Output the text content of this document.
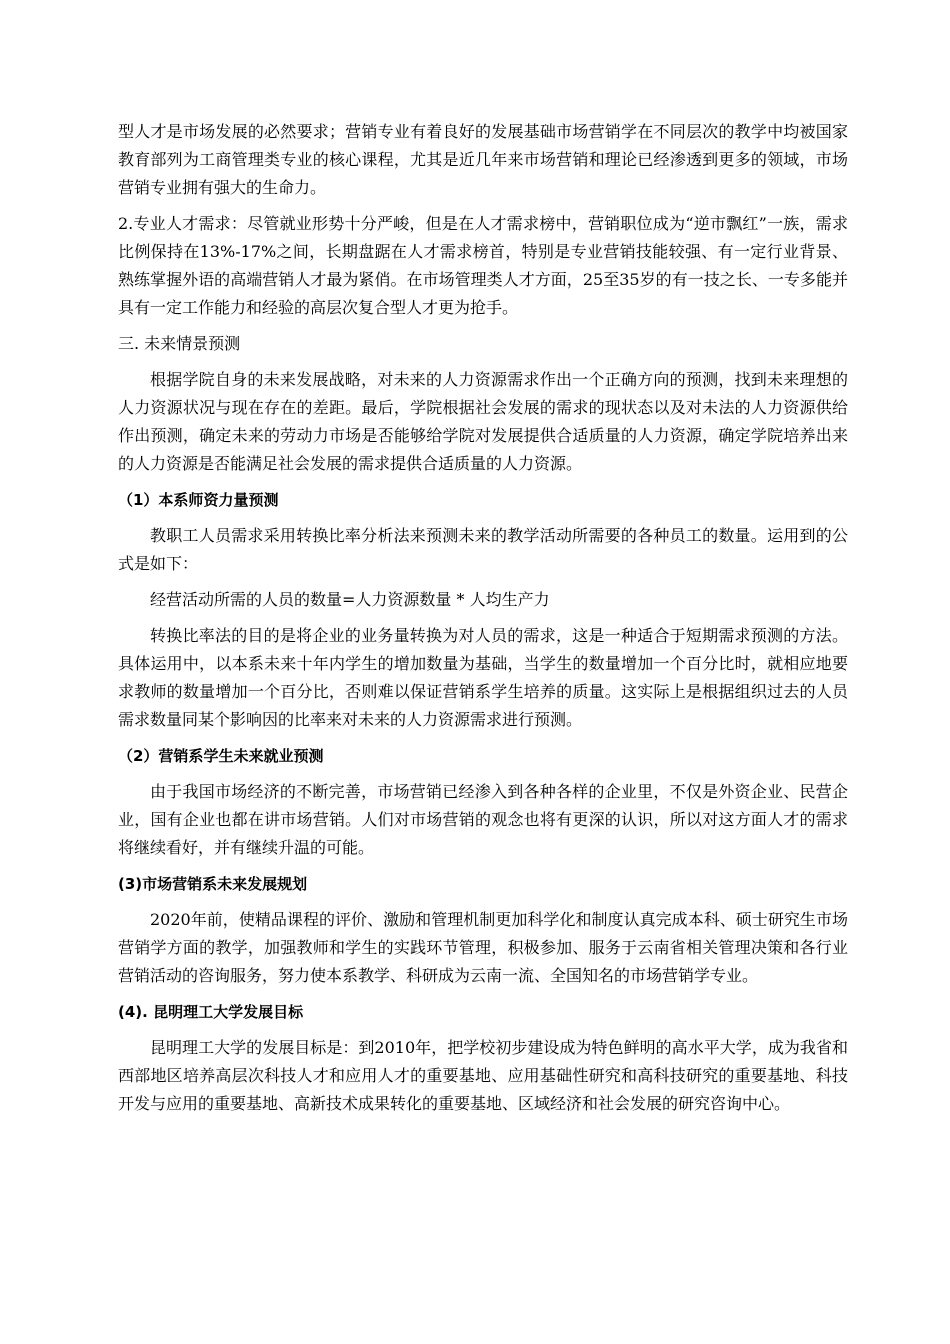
型人才是市场发展的必然要求；营销专业有着良好的发展基础市场营销学在不同层次的教学中均被国家教育部列为工商管理类专业的核心课程，尤其是近几年来市场营销和理论已经渗透到更多的领域，市场营销专业拥有强大的生命力。

2.专业人才需求：尽管就业形势十分严峻，但是在人才需求榜中，营销职位成为“逆市飘红”一族，需求比例保持在13%-17%之间，长期盘踞在人才需求榜首，特别是专业营销技能较强、有一定行业背景、熟练掌握外语的高端营销人才最为紧俏。在市场管理类人才方面，25至35岁的有一技之长、一专多能并具有一定工作能力和经验的高层次复合型人才更为抢手。

三. 未来情景预测

根据学院自身的未来发展战略，对未来的人力资源需求作出一个正确方向的预测，找到未来理想的人力资源状况与现在存在的差距。最后，学院根据社会发展的需求的现状态以及对未法的人力资源供给作出预测，确定未来的劳动力市场是否能够给学院对发展提供合适质量的人力资源，确定学院培养出来的人力资源是否能满足社会发展的需求提供合适质量的人力资源。

（1）本系师资力量预测

教职工人员需求采用转换比率分析法来预测未来的教学活动所需要的各种员工的数量。运用到的公式是如下：

经营活动所需的人员的数量=人力资源数量 * 人均生产力

转换比率法的目的是将企业的业务量转换为对人员的需求，这是一种适合于短期需求预测的方法。具体运用中，以本系未来十年内学生的增加数量为基础，当学生的数量增加一个百分比时，就相应地要求教师的数量增加一个百分比，否则难以保证营销系学生培养的质量。这实际上是根据组织过去的人员需求数量同某个影响因的比率来对未来的人力资源需求进行预测。

（2）营销系学生未来就业预测

由于我国市场经济的不断完善，市场营销已经渗入到各种各样的企业里，不仅是外资企业、民营企业，国有企业也都在讲市场营销。人们对市场营销的观念也将有更深的认识，所以对这方面人才的需求将继续看好，并有继续升温的可能。

(3)市场营销系未来发展规划

2020年前，使精品课程的评价、激励和管理机制更加科学化和制度认真完成本科、硕士研究生市场营销学方面的教学，加强教师和学生的实践环节管理，积极参加、服务于云南省相关管理决策和各行业营销活动的咨询服务，努力使本系教学、科研成为云南一流、全国知名的市场营销学专业。

(4). 昆明理工大学发展目标

昆明理工大学的发展目标是：到2010年，把学校初步建设成为特色鲜明的高水平大学，成为我省和西部地区培养高层次科技人才和应用人才的重要基地、应用基础性研究和高科技研究的重要基地、科技开发与应用的重要基地、高新技术成果转化的重要基地、区域经济和社会发展的研究咨询中心。
